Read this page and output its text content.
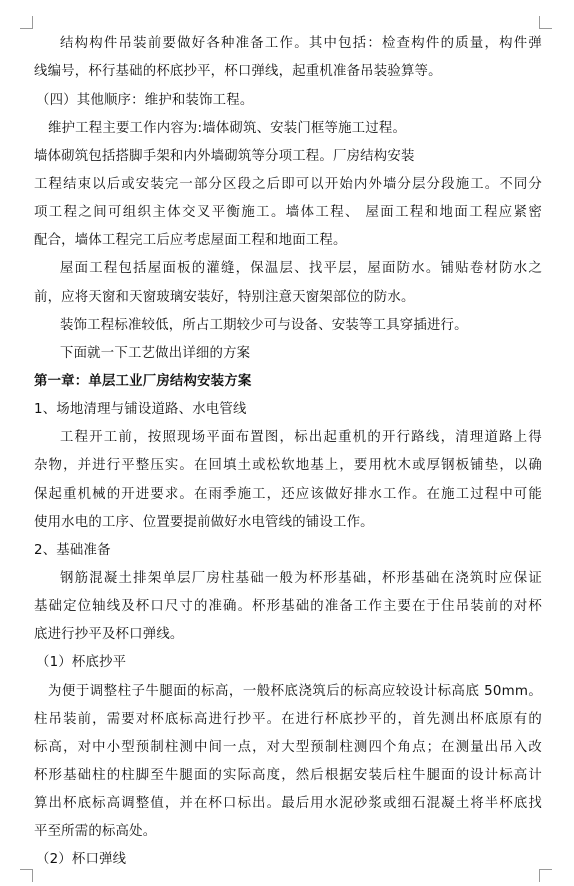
结构构件吊装前要做好各种准备工作。其中包括：检查构件的质量，构件弹
线编号，杯行基础的杯底抄平，杯口弹线，起重机准备吊装验算等。
（四）其他顺序：维护和装饰工程。
维护工程主要工作内容为:墙体砌筑、安装门框等施工过程。
墙体砌筑包括搭脚手架和内外墙砌筑等分项工程。厂房结构安装
工程结束以后或安装完一部分区段之后即可以开始内外墙分层分段施工。不同分
项工程之间可组织主体交叉平衡施工。墙体工程、 屋面工程和地面工程应紧密
配合，墙体工程完工后应考虑屋面工程和地面工程。
屋面工程包括屋面板的灌缝，保温层、找平层，屋面防水。铺贴卷材防水之
前，应将天窗和天窗玻璃安装好，特别注意天窗架部位的防水。
装饰工程标准较低，所占工期较少可与设备、安装等工具穿插进行。
下面就一下工艺做出详细的方案
第一章：单层工业厂房结构安装方案
1、场地清理与铺设道路、水电管线
工程开工前，按照现场平面布置图，标出起重机的开行路线，清理道路上得
杂物，并进行平整压实。在回填土或松软地基上，要用枕木或厚钢板铺垫，以确
保起重机械的开进要求。在雨季施工，还应该做好排水工作。在施工过程中可能
使用水电的工序、位置要提前做好水电管线的铺设工作。
2、基础准备
钢筋混凝土排架单层厂房柱基础一般为杯形基础，杯形基础在浇筑时应保证
基础定位轴线及杯口尺寸的准确。杯形基础的准备工作主要在于住吊装前的对杯
底进行抄平及杯口弹线。
（1）杯底抄平
为便于调整柱子牛腿面的标高，一般杯底浇筑后的标高应较设计标高底 50mm。
柱吊装前，需要对杯底标高进行抄平。在进行杯底抄平的，首先测出杯底原有的
标高，对中小型预制柱测中间一点，对大型预制柱测四个角点；在测量出吊入改
杯形基础柱的柱脚至牛腿面的实际高度，然后根据安装后柱牛腿面的设计标高计
算出杯底标高调整值，并在杯口标出。最后用水泥砂浆或细石混凝土将半杯底找
平至所需的标高处。
（2）杯口弹线
